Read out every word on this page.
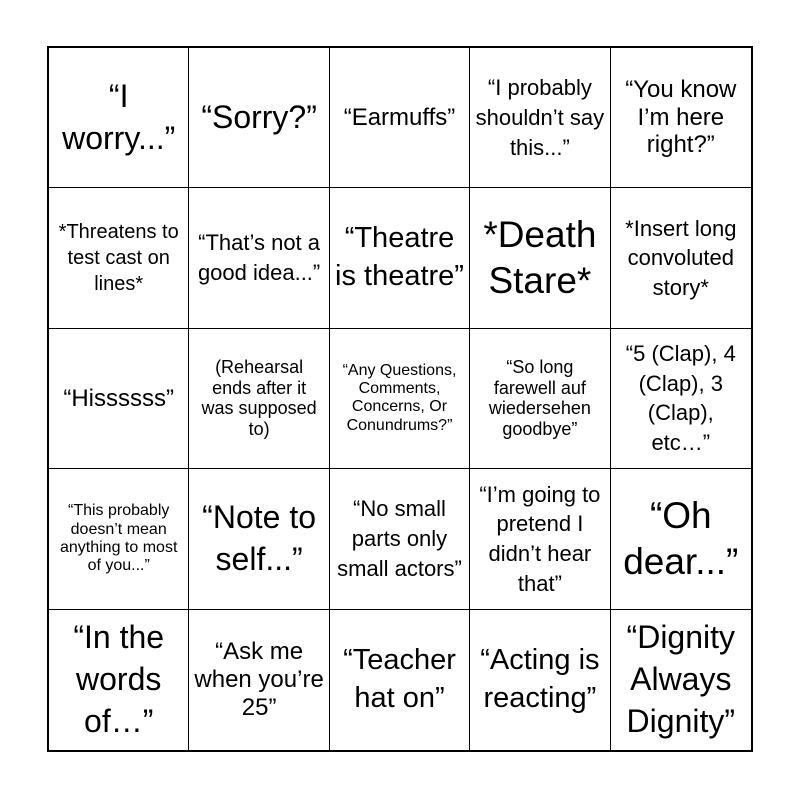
“I worry...”
“Sorry?” “Earmuffs”
“I probably shouldn’t say this...”
“You know I’m here right?”
*Threatens to test cast on lines*
“That’s not a good idea...”
“Theatre is theatre”
*Death Stare*
*Insert long convoluted story*
“Hissssss”
(Rehearsal ends after it was supposed to)
“Any Questions, Comments, Concerns, Or Conundrums?”
“So long farewell auf wiedersehen goodbye”
“5 (Clap), 4 (Clap), 3 (Clap), etc…”
“This probably doesn’t mean anything to most of you...”
“Note to self...”
“No small parts only small actors”
“I’m going to pretend I didn’t hear that”
“Oh dear...”
“In the words of…”
“Ask me when you’re 25”
“Teacher hat on”
“Acting is reacting”
“Dignity Always Dignity”
